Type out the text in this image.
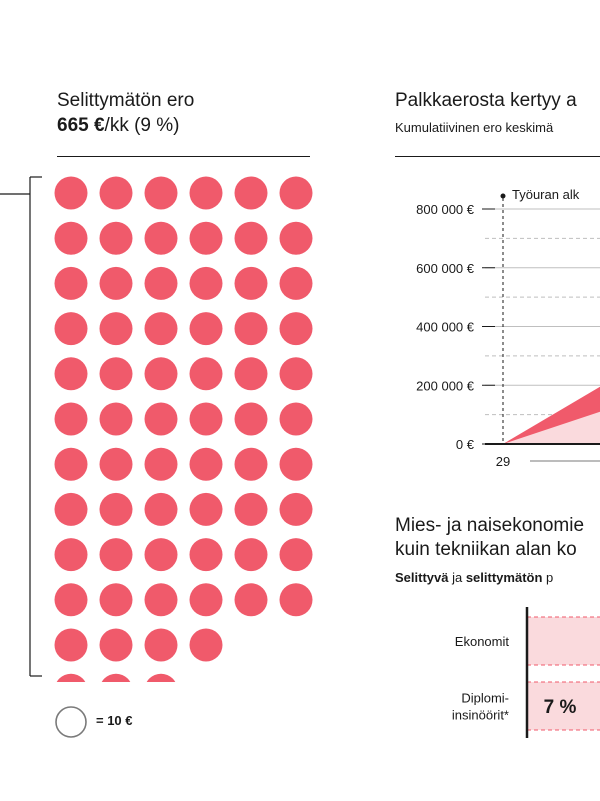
Selittymätön ero
665 €/kk (9 %)
= 10 €
Palkkaerosta kertyy a
Kumulatiivinen ero keskimä
800 000 €
600 000 €
400 000 €
200 000 €
0 €
Työuran alk
29
Mies- ja naisekonomie
kuin tekniikan alan ko
Selittyvä ja selittymätön p
Ekonomit
Diplomi-
insinöörit* 7 %
